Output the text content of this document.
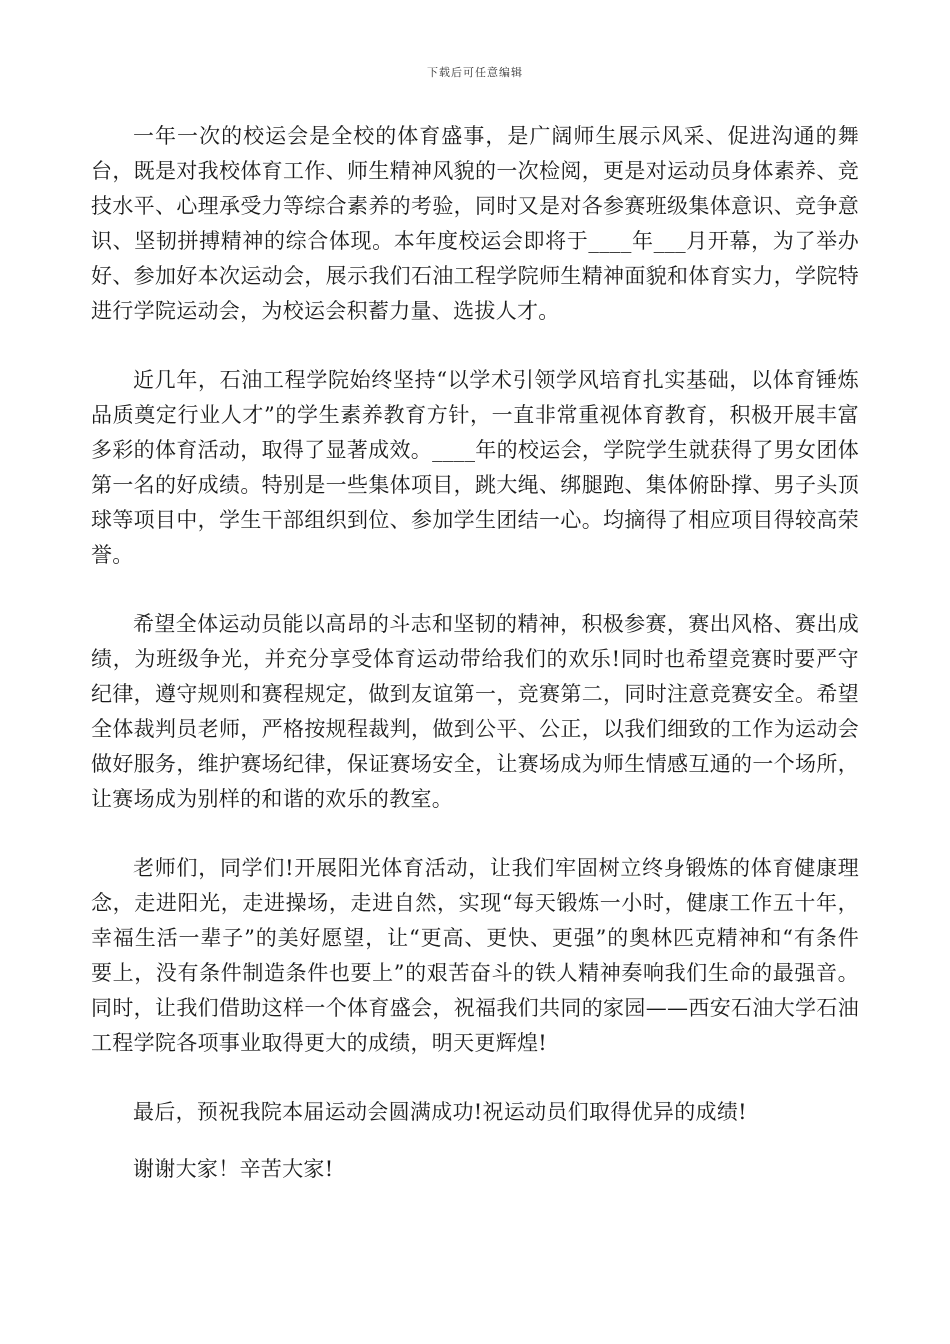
下载后可任意编辑

一年一次的校运会是全校的体育盛事，是广阔师生展示风采、促进沟通的舞台，既是对我校体育工作、师生精神风貌的一次检阅，更是对运动员身体素养、竞技水平、心理承受力等综合素养的考验，同时又是对各参赛班级集体意识、竞争意识、坚韧拼搏精神的综合体现。本年度校运会即将于____年___月开幕，为了举办好、参加好本次运动会，展示我们石油工程学院师生精神面貌和体育实力，学院特进行学院运动会，为校运会积蓄力量、选拔人才。

近几年，石油工程学院始终坚持“以学术引领学风培育扎实基础，以体育锤炼品质奠定行业人才”的学生素养教育方针，一直非常重视体育教育，积极开展丰富多彩的体育活动，取得了显著成效。____年的校运会，学院学生就获得了男女团体第一名的好成绩。特别是一些集体项目，跳大绳、绑腿跑、集体俯卧撑、男子头顶球等项目中，学生干部组织到位、参加学生团结一心。均摘得了相应项目得较高荣誉。

希望全体运动员能以高昂的斗志和坚韧的精神，积极参赛，赛出风格、赛出成绩，为班级争光，并充分享受体育运动带给我们的欢乐!同时也希望竞赛时要严守纪律，遵守规则和赛程规定，做到友谊第一，竞赛第二，同时注意竞赛安全。希望全体裁判员老师，严格按规程裁判，做到公平、公正，以我们细致的工作为运动会做好服务，维护赛场纪律，保证赛场安全，让赛场成为师生情感互通的一个场所，让赛场成为别样的和谐的欢乐的教室。

老师们，同学们!开展阳光体育活动，让我们牢固树立终身锻炼的体育健康理念，走进阳光，走进操场，走进自然，实现“每天锻炼一小时，健康工作五十年，幸福生活一辈子”的美好愿望，让“更高、更快、更强”的奥林匹克精神和“有条件要上，没有条件制造条件也要上”的艰苦奋斗的铁人精神奏响我们生命的最强音。同时，让我们借助这样一个体育盛会，祝福我们共同的家园——西安石油大学石油工程学院各项事业取得更大的成绩，明天更辉煌!

最后，预祝我院本届运动会圆满成功!祝运动员们取得优异的成绩!

谢谢大家！辛苦大家!
